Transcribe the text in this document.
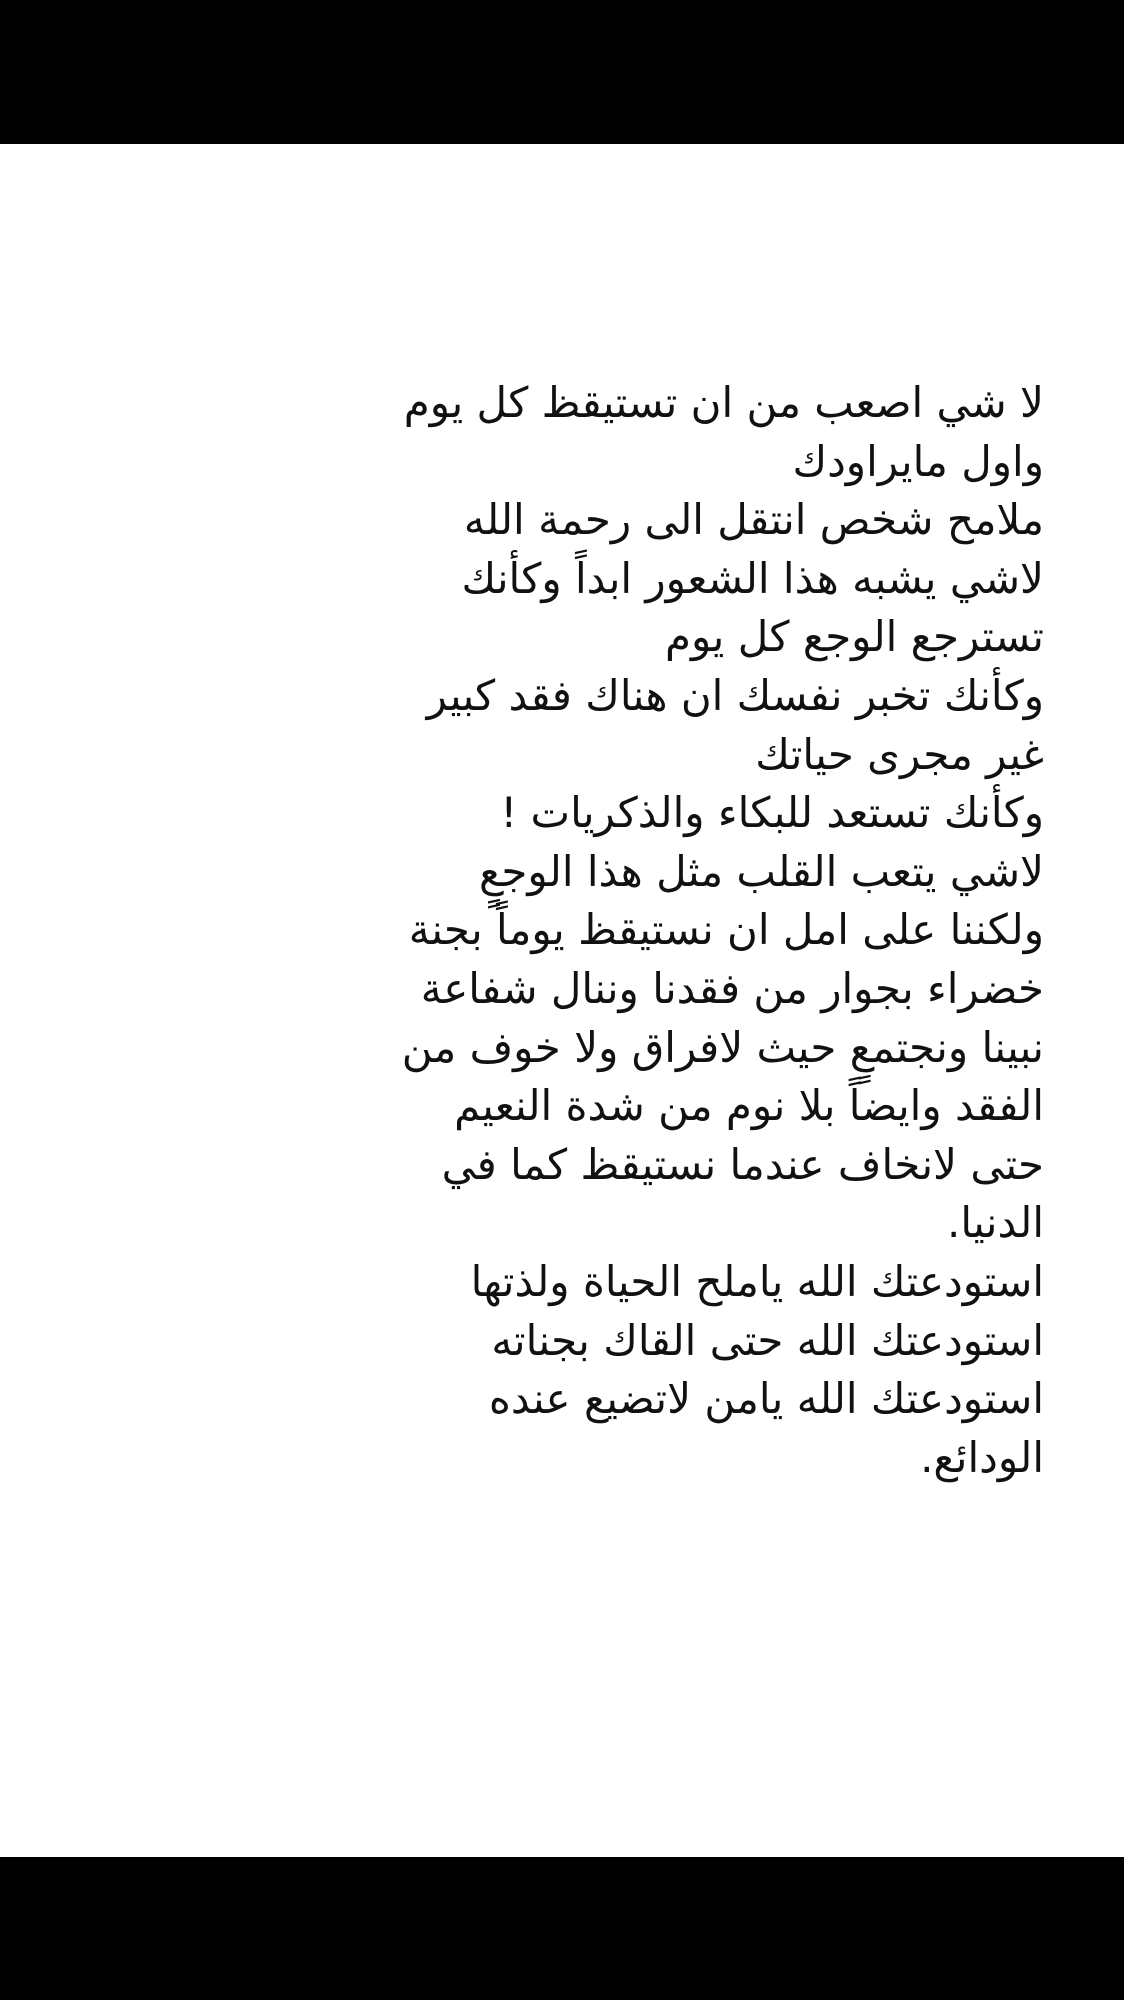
لا شي اصعب من ان تستيقظ كل يوم
واول مايراودك
ملامح شخص انتقل الى رحمة الله
لاشي يشبه هذا الشعور ابداً وكأنك
تسترجع الوجع كل يوم
وكأنك تخبر نفسك ان هناك فقد كبير
غير مجرى حياتك
وكأنك تستعد للبكاء والذكريات !
لاشي يتعب القلب مثل هذا الوجعٍ
ولكننا على امل ان نستيقظ يوماً بجنة
خضراء بجوار من فقدنا وننال شفاعة
نبينا ونجتمعٍ حيث لافراق ولا خوف من
الفقد وايضاً بلا نوم من شدة النعيم
حتى لانخاف عندما نستيقظ كما في
الدنيا.
استودعتك الله ياملح الحياة ولذتها
استودعتك الله حتى القاك بجناته
استودعتك الله يامن لاتضيع عنده
الودائع.
